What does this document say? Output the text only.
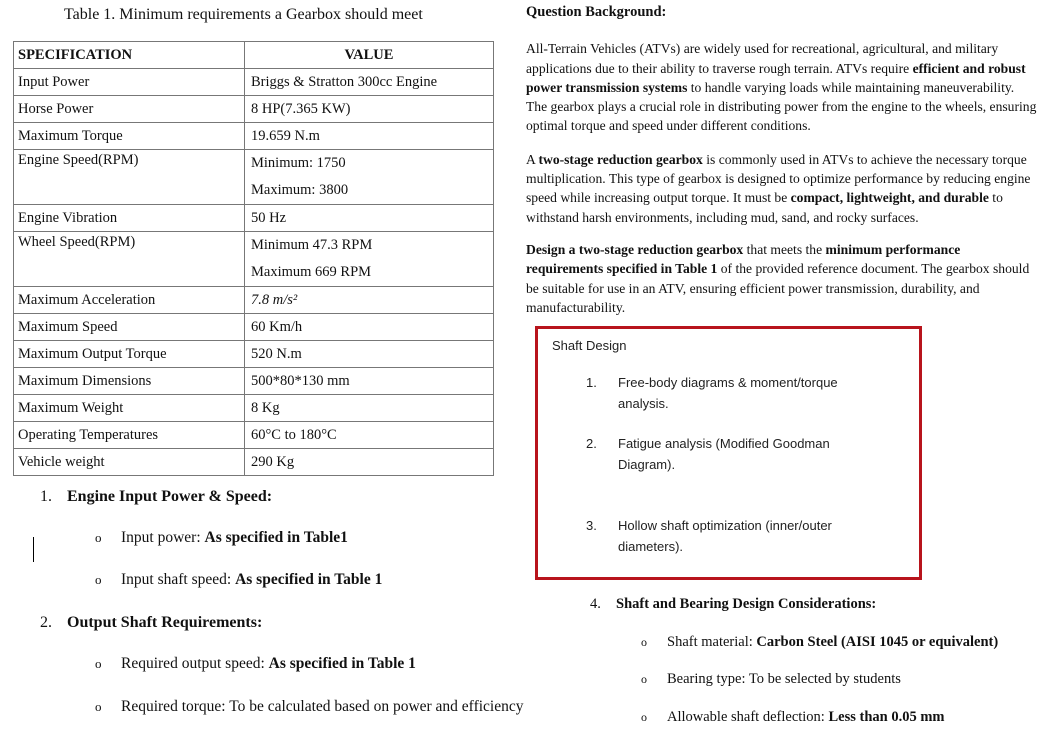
Table 1. Minimum requirements a Gearbox should meet
SPECIFICATION	VALUE
Input Power	Briggs & Stratton 300cc Engine
Horse Power	8 HP(7.365 KW)
Maximum Torque	19.659 N.m
Engine Speed(RPM)	Minimum: 1750
Maximum: 3800

Engine Vibration	50 Hz
Wheel Speed(RPM)	Minimum 47.3 RPM
Maximum 669 RPM

Maximum Acceleration	7.8 m/s²
Maximum Speed	60 Km/h
Maximum Output Torque	520 N.m
Maximum Dimensions	500*80*130 mm
Maximum Weight	8 Kg
Operating Temperatures	60°C to 180°C
Vehicle weight	290 Kg
1. Engine Input Power & Speed:
o Input power: As specified in Table1
o Input shaft speed: As specified in Table 1
2. Output Shaft Requirements:
o Required output speed: As specified in Table 1
o Required torque: To be calculated based on power and efficiency

Question Background:

All-Terrain Vehicles (ATVs) are widely used for recreational, agricultural, and military applications due to their ability to traverse rough terrain. ATVs require efficient and robust power transmission systems to handle varying loads while maintaining maneuverability. The gearbox plays a crucial role in distributing power from the engine to the wheels, ensuring optimal torque and speed under different conditions.

A two-stage reduction gearbox is commonly used in ATVs to achieve the necessary torque multiplication. This type of gearbox is designed to optimize performance by reducing engine speed while increasing output torque. It must be compact, lightweight, and durable to withstand harsh environments, including mud, sand, and rocky surfaces.

Design a two-stage reduction gearbox that meets the minimum performance requirements specified in Table 1 of the provided reference document. The gearbox should be suitable for use in an ATV, ensuring efficient power transmission, durability, and manufacturability.

Shaft Design
1. Free-body diagrams & moment/torque analysis.
2. Fatigue analysis (Modified Goodman Diagram).
3. Hollow shaft optimization (inner/outer diameters).
4. Shaft and Bearing Design Considerations:
o Shaft material: Carbon Steel (AISI 1045 or equivalent)
o Bearing type: To be selected by students
o Allowable shaft deflection: Less than 0.05 mm
